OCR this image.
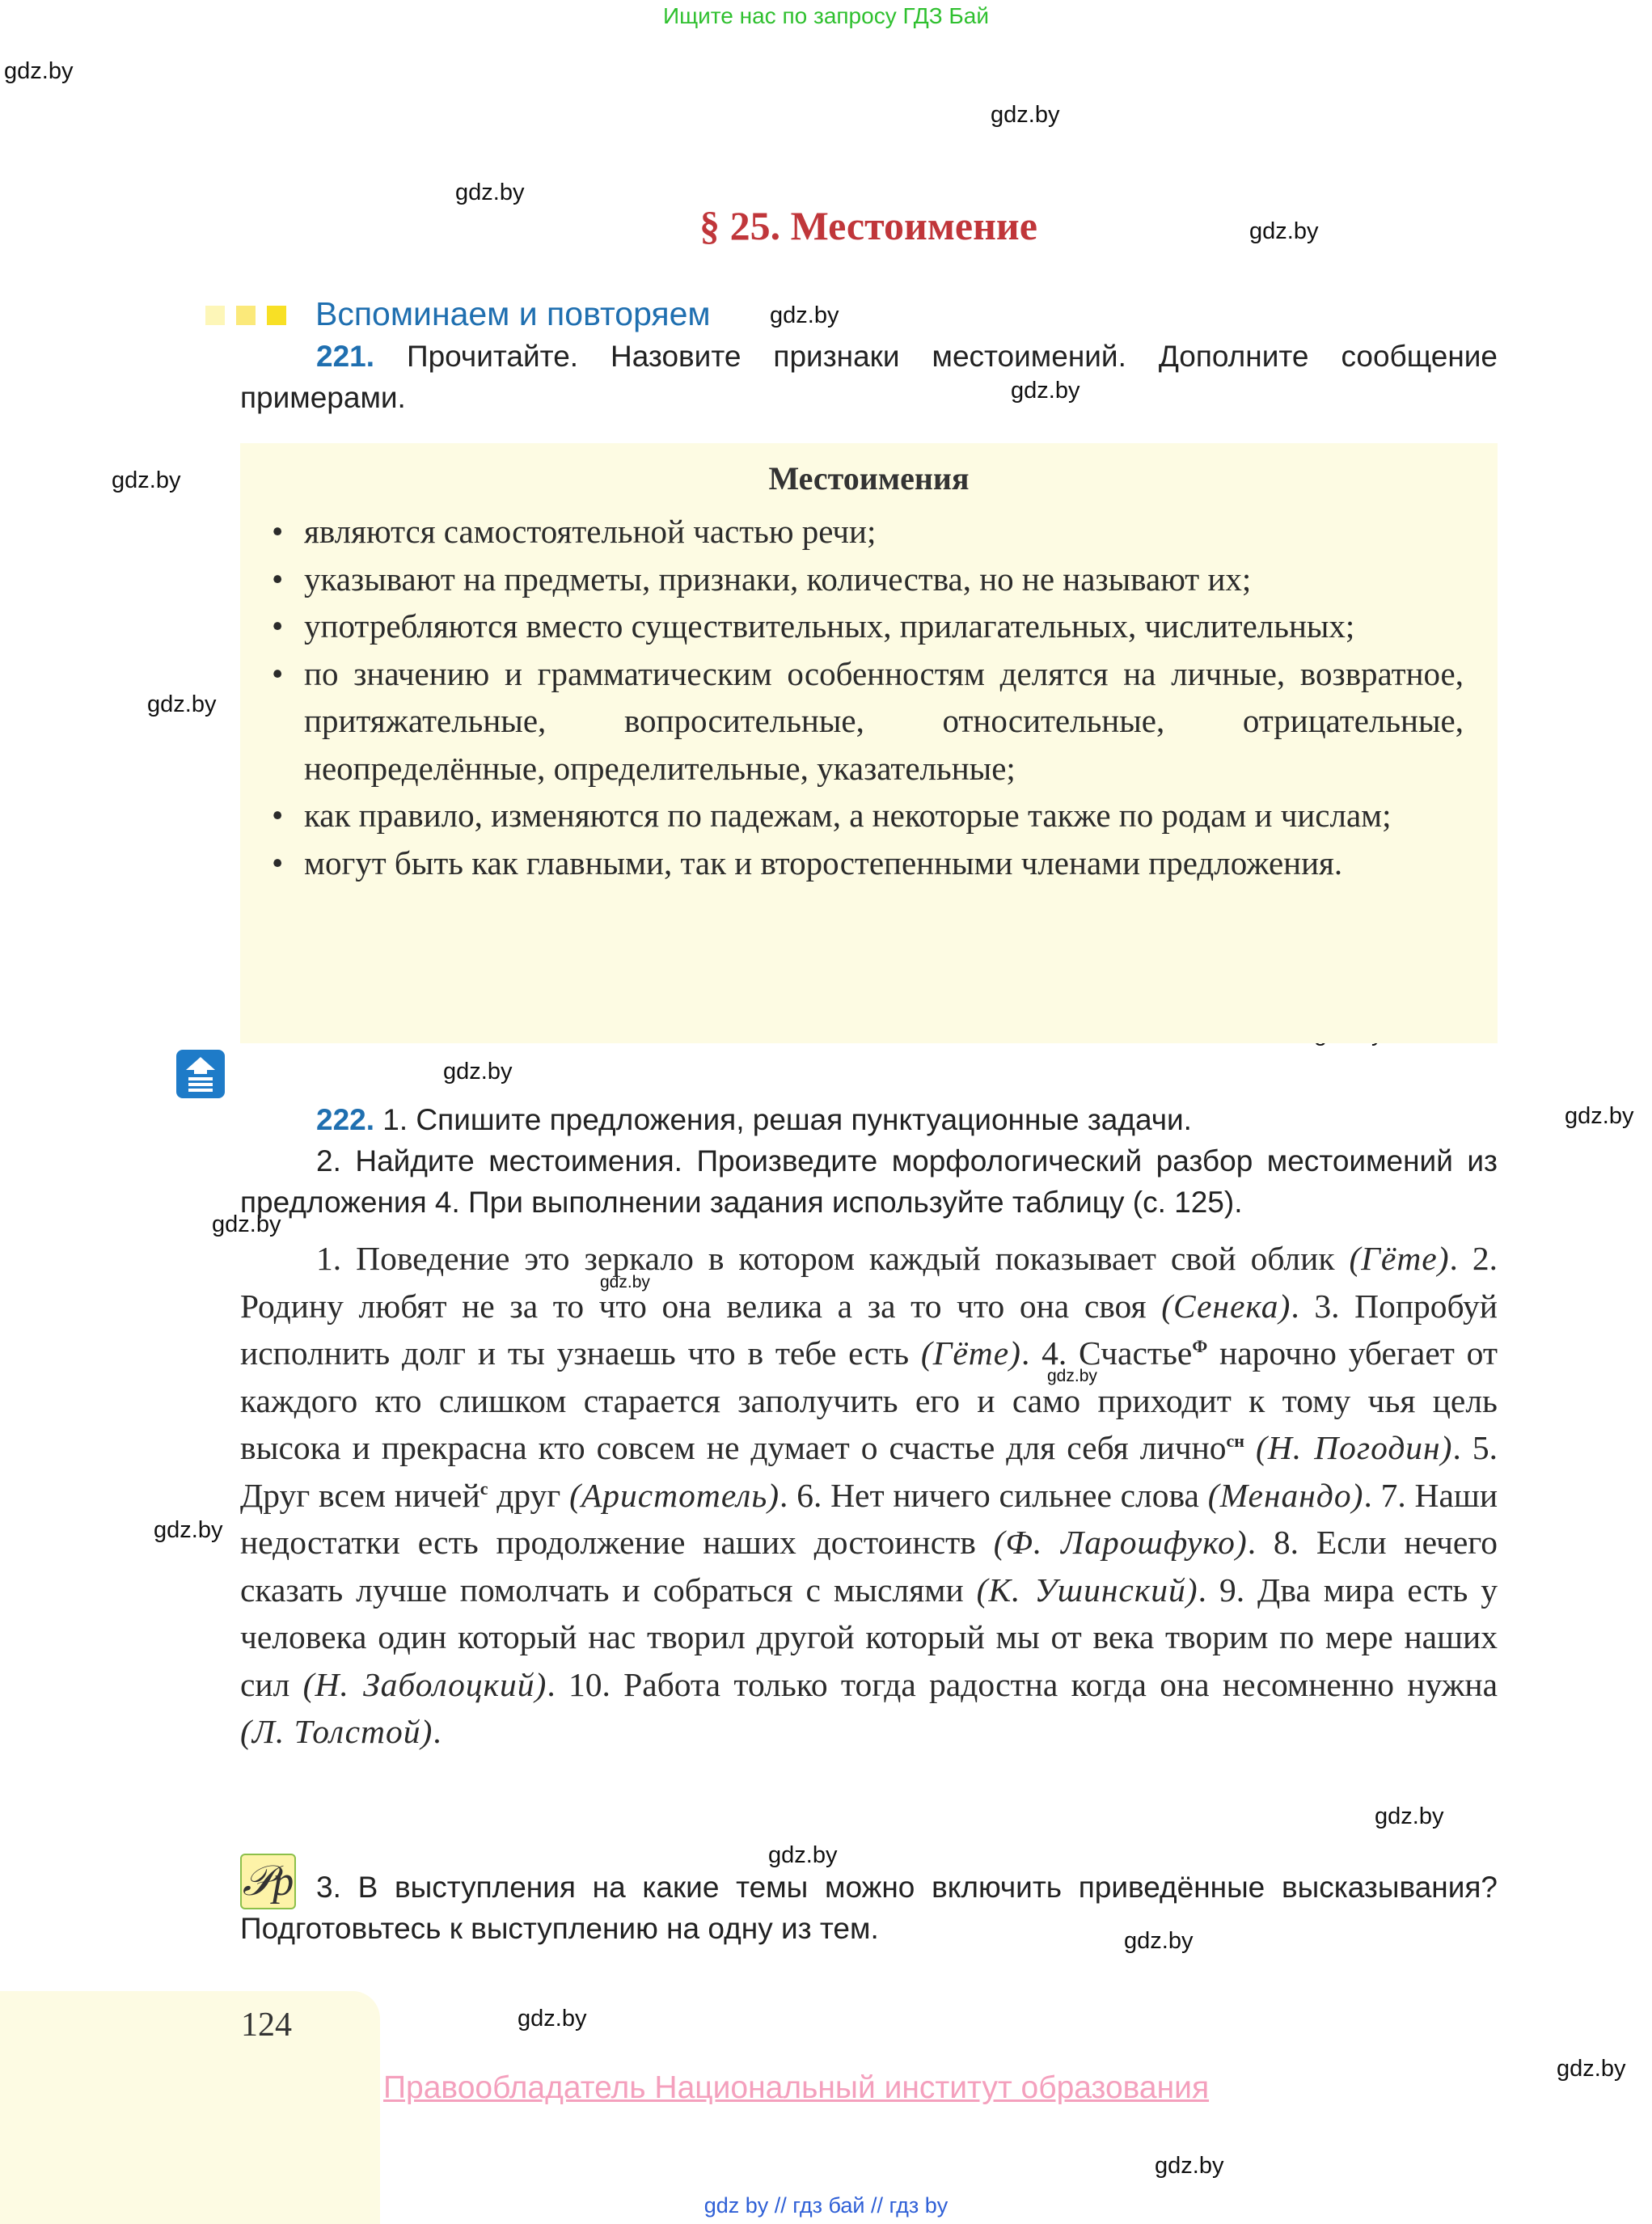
Ищите нас по запросу ГДЗ Бай
gdz.by
gdz.by
gdz.by
gdz.by
gdz.by
gdz.by
gdz.by
gdz.by
gdz.by
gdz.by
gdz.by
gdz.by
gdz.by
gdz.by
gdz.by
gdz.by
gdz.by
gdz.by
gdz.by
gdz.by
§ 25. Местоимение
Вспоминаем и повторяем
221. Прочитайте. Назовите признаки местоимений. Дополните сообщение примерами.
Местоимения
• являются самостоятельной частью речи;
• указывают на предметы, признаки, количества, но не называют их;
• употребляются вместо существительных, прилагательных, числительных;
• по значению и грамматическим особенностям делятся на личные, возвратное, притяжательные, вопросительные, относительные, отрицательные, неопределённые, определительные, указательные;
• как правило, изменяются по падежам, а некоторые также по родам и числам;
• могут быть как главными, так и второстепенными членами предложения.
222. 1. Спишите предложения, решая пунктуационные задачи.
2. Найдите местоимения. Произведите морфологический разбор местоимений из предложения 4. При выполнении задания используйте таблицу (с. 125).
1. Поведение это зеркало в котором каждый показывает свой облик (Гёте). 2. Родину любят не за то что она велика а за то что она своя (Сенека). 3. Попробуй исполнить долг и ты узнаешь что в тебе есть (Гёте). 4. Счастье$^Ф$ нарочно убегает от каждого кто слишком старается заполучить его и само приходит к тому чья цель высока и прекрасна кто совсем не думает о счастье для себя лично$^{сн}$ (Н. Погодин). 5. Друг всем ничей$^с$ друг (Аристотель). 6. Нет ничего сильнее слова (Менандо). 7. Наши недостатки есть продолжение наших достоинств (Ф. Ларошфуко). 8. Если нечего сказать лучше помолчать и собраться с мыслями (К. Ушинский). 9. Два мира есть у человека один который нас творил другой который мы от века творим по мере наших сил (Н. Заболоцкий). 10. Работа только тогда радостна когда она несомненно нужна (Л. Толстой).
𝒫p 3. В выступления на какие темы можно включить приведённые высказывания? Подготовьтесь к выступлению на одну из тем.
124
Правообладатель Национальный институт образования
gdz by // гдз бай // гдз by
